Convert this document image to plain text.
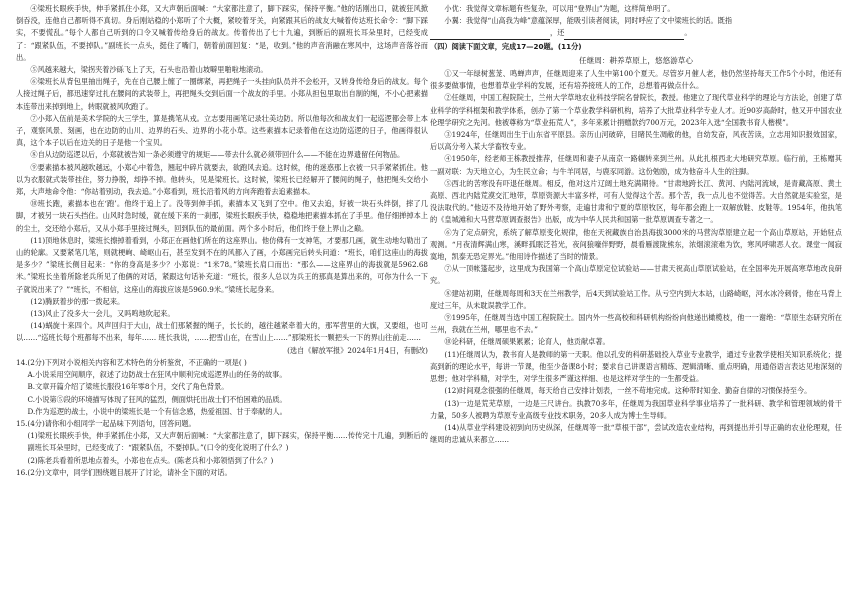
④梁班长眼疾手快，伸手紧抓住小郑，又大声朝后面喊：“大家都注意了，脚下踩实，保持平衡。”他的话刚出口，就被狂风掀倒吞没，连他自己都听得不真切。身后刚站稳的小郑听了个大概，紧咬着牙关，向紧跟其后的战友大喊着传达班长命令：“脚下踩实，不要慌乱。”每个人都自己听到的口令又喊着传给身后的战友。传着传出了七十九遍，到断后的副班长耳朵里时，已经变成了：“跟紧队伍，不要掉队。”副班长一点头，挺住了嘴门，朝着前面回复：“是，收到。”他的声音消融在寒风中，这场声音落谷而出。

⑤风越来越大，梁拐夹着沙砾飞上了天，石头也沿着山坡噼里啪啦地滚动。

⑥梁班长从背包里抽出绳子，先在自己腰上缠了一圈绑紧，再把绳子一头挂向队员并不会松开，又转身传给身后的战友。每个人接过绳子后，都迅速穿过扎在腰间的武装带上，再把绳头交到后面一个战友的手里。小郑从担包里取出自制的绳，不小心把素描本连带出来掉到地上，转眼就被风吹跑了。

⑦小郑入伍前是美术学院的大三学生，算是携笔从戎。立志要用画笔记录壮美边防。所以他每次和战友们一起巡逻都会带上本子，观察风景、刻画，也在边防的山川、边界的石头、边界的小花小草。这些素描本记录着他在这边防巡逻的日子，他画得很认真，这个本子以后在边关的日子是他一个宝贝。

⑧自从边防巡逻以后，小郑就被告知一条必须遵守的规矩——带去什么就必须带回什么——不能在边界遗留任何物品。

⑨要素描本被风越吹越远，小郑心中着急，翘起中碎片就要去，欲跑风去追。这时候，他的迷惑那上衣被一只手紧紧抓住。他以为衣服就式装带挂住，努力挣脱，却挣不掉。他转头，见是梁班长。这时候，梁班长已经解开了腰间的绳子，他把绳头交给小郑，大声地命令他：“你站着别动，我去追。”小郑看到，班长沿着风的方向奔跑着去追素描本。

⑩班长跑，素描本也在‘跑’。他终于追上了。没等到伸手抓，素描本又飞到了空中。他又去追，好被一块石头绊倒，摔了几脚，才被另一块石头挡住。山风时急时缓，就在缓下来的一刹那，梁班长眼疾手快，稳稳地把素描本抓在了手里。他仔细掸掉本上的尘土，交还给小郑后，又从小郑手里接过绳头，回到队伍的最前面。两个多小时后，他们终于登上界山之巅。

(11)顶地休息时，梁班长擦掉着看到，小郑正在画他们所在的这座界山。他仿佛有一支神笔，才要那几画，就生动地勾勒出了山的轮廓。又要紧笔几笔，则就梗峋、崎岖山石，甚至发到不在的风都入了画，小郑画完后转头问道：“班长，咱们这座山的海拔是多少？”梁班长侧目起来：“你的身高是多少？小郑说：“1米78。”梁班长肩口而出：“那么——这座界山的海拔就是5962.68米。”梁班长坐着所除老兵所见了他俩的对话，紧跟这句话补充道：“班长，很多人总以为兵王的那真是算出来的，可你为什么一下子就说出来了？”“班长，不相信，这座山的海拔应该是5960.9米。”梁班长起身来。

(12)腾跃着步的那一拨起来。

(13)风止了没多大一会儿，又吗鸣地吹起来。

(14)蜗旋十来四个。风声回归于大山，战士们那紧握的绳子，长长的，越往越紧牵着大的，那军营里的大旗，又要组，也可以……“巡班长每个班都每不出来，每年…… 班长我说，……把雪山在，在雪山上……”那梁班长一颗把头一下的界山往前走……

(选自《解放军报》2024年1月4日，有删改)

14.(2分)下列对小说相关内容和艺术特色的分析鉴赏，不正确的一项是( )

A.小说采用空间顺序，叙述了边防战士在狂风中顺利完成巡逻界山的任务的故事。

B.文章开篇介绍了梁班长服役16年零8个月，交代了角色背景。

C.小说第⑤段的环境描写体现了狂风的猛烈，侧面烘托出战士们不怕困难的品质。

D.作为巡逻的战士，小说中的梁班长是一个有信念感，热爱祖国、甘于奉献的人。

15.(4分)请你和小组同学一起品味下列语句，回答问题。

(1)梁班长眼疾手快，伸手紧抓住小郑，又大声朝后面喊：“大家都注意了，脚下踩实，保持平衡……传传完十几遍，到断后的副班长耳朵里时，已经变成了：“跟紧队伍，不要掉队。”(口令的变化说明了什么？)

(2)陈老兵看着所思地点着头，小郑也在点头。(陈老兵和小郑领悟到了什么？)

16.(2分)文章中，同学们围绕题目展开了讨论，请补全下面的对话。

小优：我觉得文章标题有些复杂，可以用“登界山”为题，这样简单明了。

小翼：我觉得“山高我为峰”意蕴深厚，能吸引读者阅读，同时呼应了文中梁班长的话。既指

，还	。

（四）阅读下面文章，完成17—20题。(11分)

任继周：耕养草原上，悠悠游草心

①又一年绿树葱茏、鸣蝉声声，任继周迎来了人生中第100个夏天。尽管岁月催人老，他仍然坚持每天工作5个小时，他还有很多要做事情，也想着草业学科的发展，还有培养接班人的工作，总想着再做点什么。

②任继周，中国工程院院士，兰州大学草地农业科技学院名誉院长，教授。他建立了现代草业科学的理论与方法论，创建了草业科学的学科框架和教学体系，创办了第一个草业教学科研机构，培养了大批草业科学专业人才。近90岁高龄时，他又开中国农业伦理学研究之先河。他被尊称为“草业拓荒人”，多年来累计捐赠款约700万元，2023年入选“全国教书育人楷模”。

③1924年，任继周出生于山东省平原县。亲历山河破碎，目睹民生凋敝的他，自幼发奋，风夜苦读，立志用知识报效国家，后以高分考入某大学畜牧专业。

④1950年，经老师王栋教授推荐，任继周和妻子从南京一路辗转来到兰州。从此扎根西北大地研究草原。临行前，王栋赠其一副对联：为天地立心，为生民立命；与牛羊同居，与鹿豕同游。这份勉励，成为他奋斗人生的注脚。

⑤西北的苦寒没有吓退任继周。相反，他对这片辽阔土地充满期待。“甘肃地跨长江、黄河、内陆河流域，是青藏高原、黄土高原、西北内陆荒漠交汇地带，草原资源大丰富多样，可有人觉得这个苦。那个苦，我一点儿也不觉得苦。大自然就是实验室，是没法取代的。”他迈不及待地开始了野外考察，走遍甘肃和宁夏的草原牧区，每年都会跑上一双解放鞋、皮鞋等。1954年，他执笔的《皇城滩和大马营草原调查报告》出版，成为中华人民共和国第一批草原调查专著之一。

⑥为了定点研究，系统了解草原变化规律，他在天祝藏族自治县海拔3000米的马营沟草原建立起一个高山草原站，开始驻点观测。“月夜清辉满山寒，溪畔孤眠泛苔光，夜间狼嚎伴野野，晨看雁渡陇熊东，浓烟滚滚难为饮，寒风呼啸恶人衣。课堂一闻寂寞地，凯泰无恐定界光。”他用诗作描述了当时的情景。

⑦从一顶帐篷起步，这里成为我国第一个高山草原定位试验站——甘肃天祝高山草原试验站，在全国率先开展高寒草地改良研究。

⑧建站初期，任继周每周和3天在兰州教学，后4天到试验站工作。从亏空内到大本站，山路崎岖，河水冰冷刺骨，他在马背上度过三年，从未耽误教学工作。

⑨1995年，任继周当选中国工程院院士。国内外一些高校和科研机构纷纷向他递出橄榄枝，他一一谢绝：“草原生态研究所在兰州，我就在兰州，哪里也不去。”

⑩论科研，任继周硕果累累；论育人，他贡献卓著。

(11)任继周认为，教书育人是教师的第一天职。他以孔安的科研基础投入草业专业教学，通过专业教学使相关知识系统化；提高到新的理论水平，每讲一节课，他至少备课8小时；要求自己讲课语言精练、逻辑清晰、重点明确，用通俗语言表达见地深刻的思想；他对学科精，对学生，对学生很多严谨这样细、也是这样对学生的一生都受益。

(12)时间观念很强的任继周，每天给自己安排计划表，一丝不苟地完成。这种带时知金、勤奋自律的习惯保持至今。

(13)一边是荒芜草原，一边是三尺讲台。执教70多年，任继周为我国草业科学事业培养了一批科研、教学和管理领域的骨干力量，50多人被聘为草原专业高级专业技术职务，20多人成为博士生导师。

(14)从草业学科建设初到向历史纵深，任继周等一批“草根干部”，尝试改造农业结构，再到提出并引导正确的农业伦理观，任继周的忠诚从来都立……
